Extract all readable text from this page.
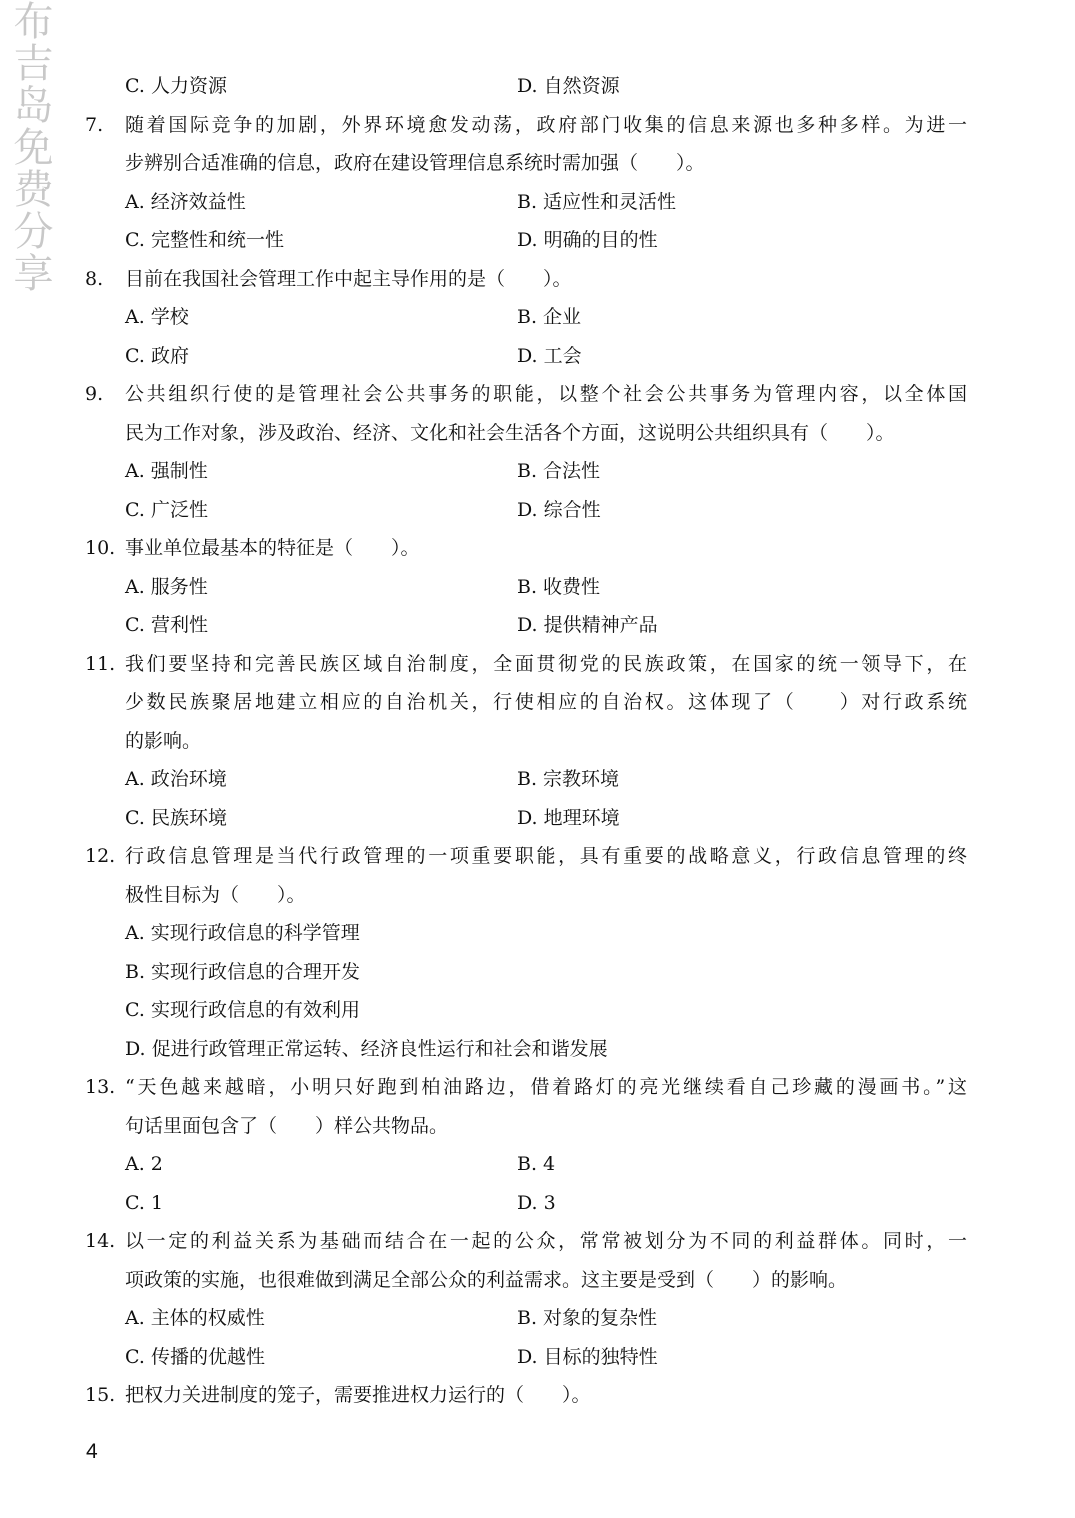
布吉岛免费分享	C. 人力资源	D. 自然资源
7.	随着国际竞争的加剧，外界环境愈发动荡，政府部门收集的信息来源也多种多样。为进一
步辨别合适准确的信息，政府在建设管理信息系统时需加强（　　）。
A. 经济效益性	B. 适应性和灵活性
C. 完整性和统一性	D. 明确的目的性
8.	目前在我国社会管理工作中起主导作用的是（　　）。
A. 学校	B. 企业
C. 政府	D. 工会
9.	公共组织行使的是管理社会公共事务的职能，以整个社会公共事务为管理内容，以全体国
民为工作对象，涉及政治、经济、文化和社会生活各个方面，这说明公共组织具有（　　）。
A. 强制性	B. 合法性
C. 广泛性	D. 综合性
10. 事业单位最基本的特征是（　　）。
A. 服务性	B. 收费性
C. 营利性	D. 提供精神产品
11. 我们要坚持和完善民族区域自治制度，全面贯彻党的民族政策，在国家的统一领导下，在
少数民族聚居地建立相应的自治机关，行使相应的自治权。这体现了（　　）对行政系统
的影响。
A. 政治环境	B. 宗教环境
C. 民族环境	D. 地理环境
12. 行政信息管理是当代行政管理的一项重要职能，具有重要的战略意义，行政信息管理的终
极性目标为（　　）。
A. 实现行政信息的科学管理
B. 实现行政信息的合理开发
C. 实现行政信息的有效利用
D. 促进行政管理正常运转、经济良性运行和社会和谐发展
13. “天色越来越暗，小明只好跑到柏油路边，借着路灯的亮光继续看自己珍藏的漫画书。”这
句话里面包含了（　　）样公共物品。
A. 2	B. 4
C. 1	D. 3
14. 以一定的利益关系为基础而结合在一起的公众，常常被划分为不同的利益群体。同时，一
项政策的实施，也很难做到满足全部公众的利益需求。这主要是受到（　　）的影响。
A. 主体的权威性	B. 对象的复杂性
C. 传播的优越性	D. 目标的独特性
15. 把权力关进制度的笼子，需要推进权力运行的（　　）。
4
